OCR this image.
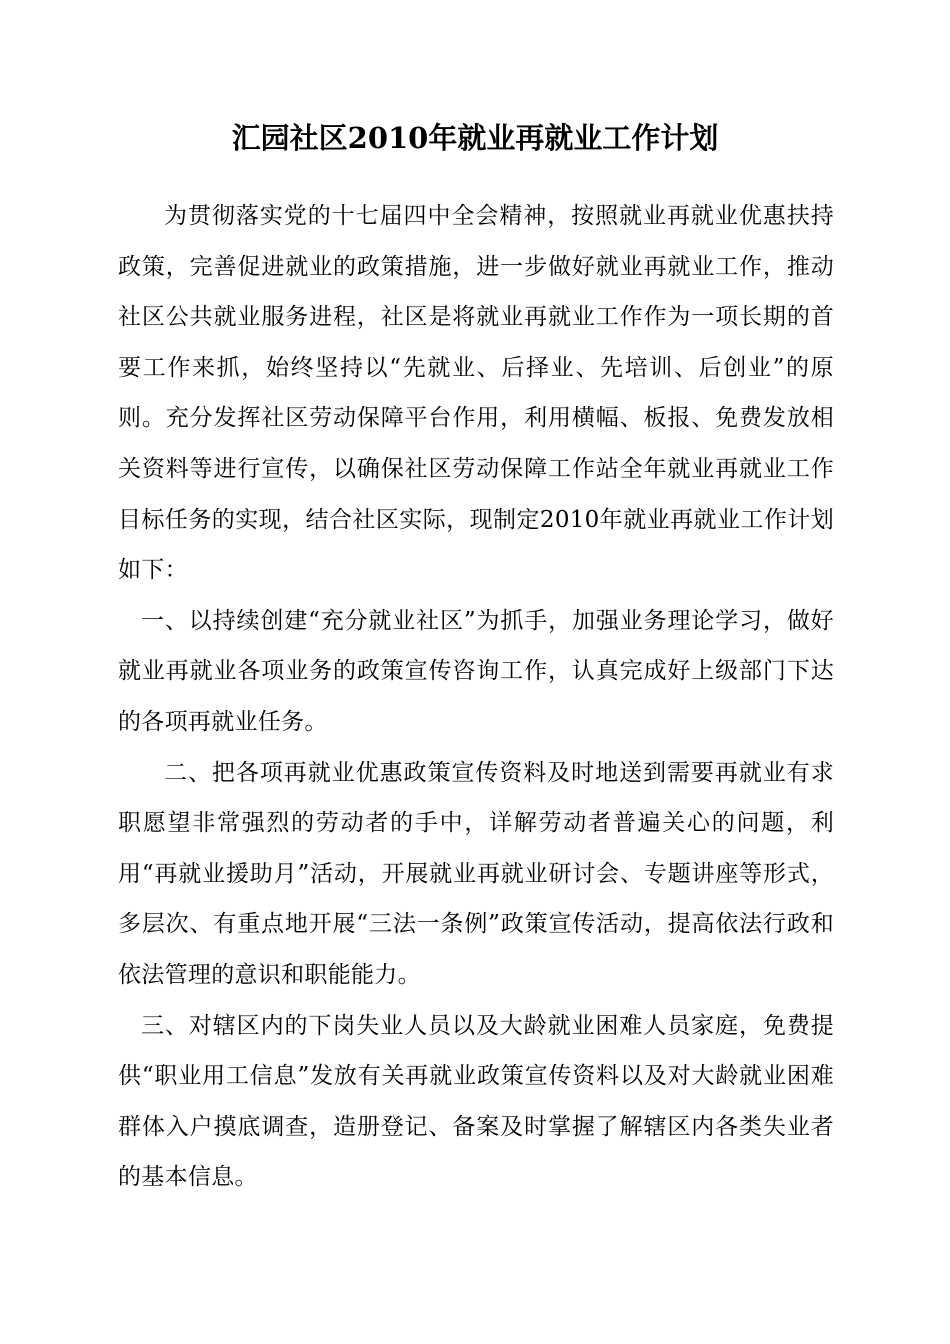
汇园社区2010年就业再就业工作计划

为贯彻落实党的十七届四中全会精神，按照就业再就业优惠扶持政策，完善促进就业的政策措施，进一步做好就业再就业工作，推动社区公共就业服务进程，社区是将就业再就业工作作为一项长期的首要工作来抓，始终坚持以“先就业、后择业、先培训、后创业”的原则。充分发挥社区劳动保障平台作用，利用横幅、板报、免费发放相关资料等进行宣传，以确保社区劳动保障工作站全年就业再就业工作目标任务的实现，结合社区实际，现制定2010年就业再就业工作计划如下：

一、以持续创建“充分就业社区”为抓手，加强业务理论学习，做好就业再就业各项业务的政策宣传咨询工作，认真完成好上级部门下达的各项再就业任务。

二、把各项再就业优惠政策宣传资料及时地送到需要再就业有求职愿望非常强烈的劳动者的手中，详解劳动者普遍关心的问题，利用“再就业援助月”活动，开展就业再就业研讨会、专题讲座等形式，多层次、有重点地开展“三法一条例”政策宣传活动，提高依法行政和依法管理的意识和职能能力。

三、对辖区内的下岗失业人员以及大龄就业困难人员家庭，免费提供“职业用工信息”发放有关再就业政策宣传资料以及对大龄就业困难群体入户摸底调查，造册登记、备案及时掌握了解辖区内各类失业者的基本信息。
